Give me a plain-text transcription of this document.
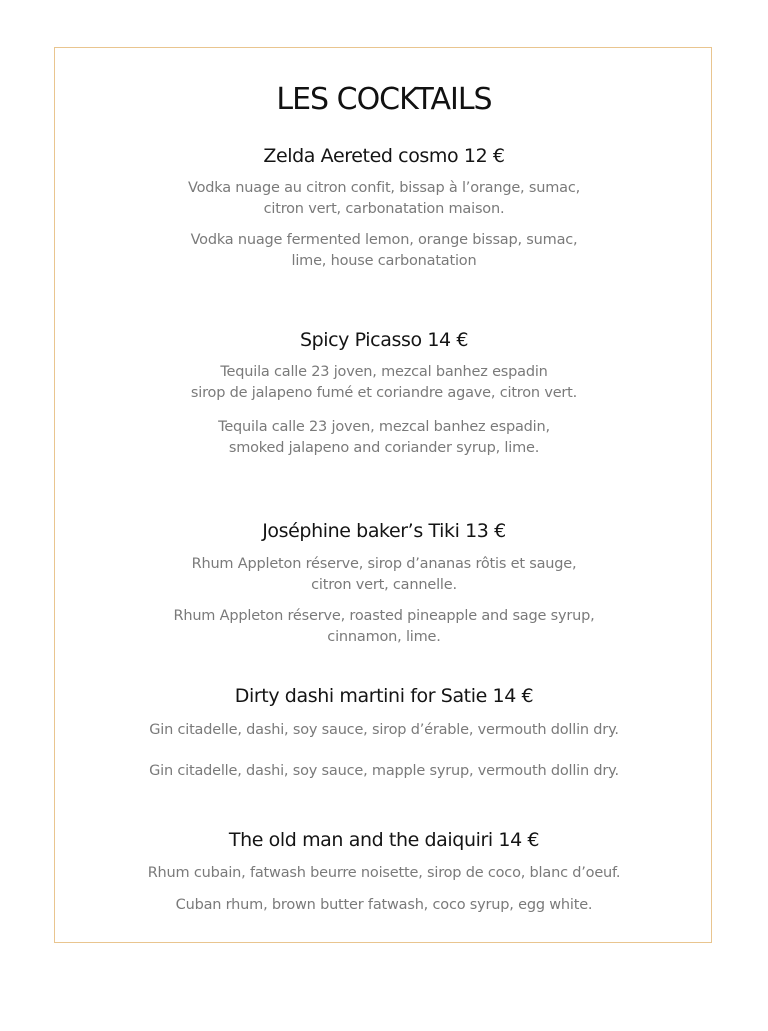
LES COCKTAILS
Zelda Aereted cosmo 12 €
Vodka nuage au citron confit, bissap à l’orange, sumac,
citron vert, carbonatation maison.
Vodka nuage fermented lemon, orange bissap, sumac,
lime, house carbonatation
Spicy Picasso 14 €
Tequila calle 23 joven, mezcal banhez espadin
sirop de jalapeno fumé et coriandre agave, citron vert.
Tequila calle 23 joven, mezcal banhez espadin,
smoked jalapeno and coriander syrup, lime.
Joséphine baker’s Tiki 13 €
Rhum Appleton réserve, sirop d’ananas rôtis et sauge,
citron vert, cannelle.
Rhum Appleton réserve, roasted pineapple and sage syrup,
cinnamon, lime.
Dirty dashi martini for Satie 14 €
Gin citadelle, dashi, soy sauce, sirop d’érable, vermouth dollin dry.
Gin citadelle, dashi, soy sauce, mapple syrup, vermouth dollin dry.
The old man and the daiquiri 14 €
Rhum cubain, fatwash beurre noisette, sirop de coco, blanc d’oeuf.
Cuban rhum, brown butter fatwash, coco syrup, egg white.
